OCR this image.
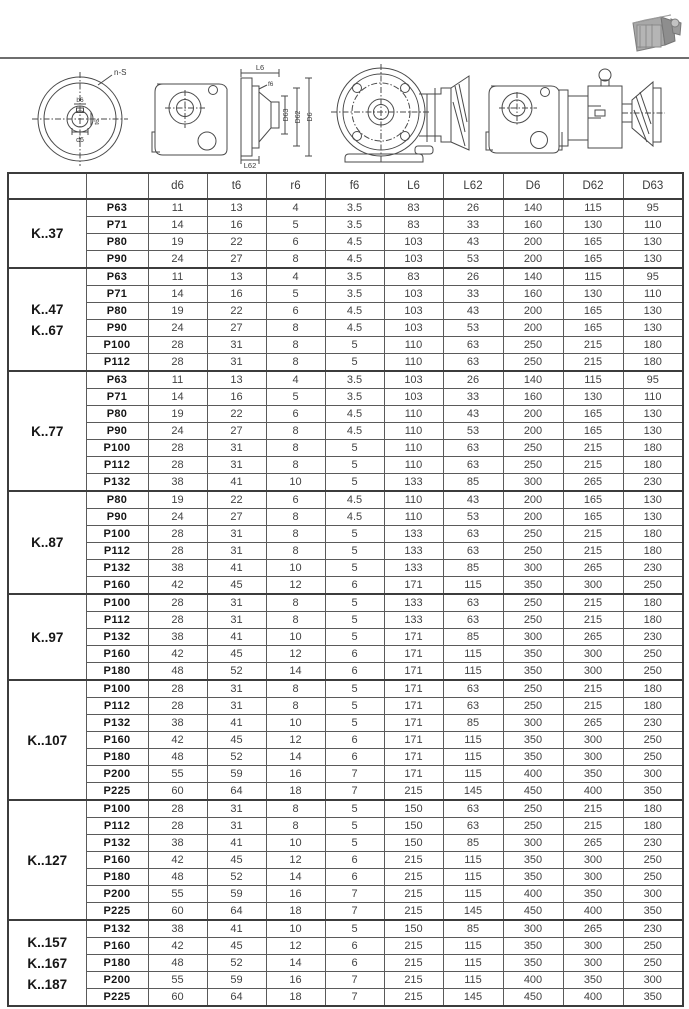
n-S
b6
t6
d6
L6
f6
D63 D62 D6
L62
		d6	t6	r6	f6	L6	L62	D6	D62	D63

K..37	P63	11	13	4	3.5	83	26	140	115	95
	P71	14	16	5	3.5	83	33	160	130	110
	P80	19	22	6	4.5	103	43	200	165	130
	P90	24	27	8	4.5	103	53	200	165	130

K..47
K..67	P63	11	13	4	3.5	83	26	140	115	95
	P71	14	16	5	3.5	103	33	160	130	110
	P80	19	22	6	4.5	103	43	200	165	130
	P90	24	27	8	4.5	103	53	200	165	130
	P100	28	31	8	5	110	63	250	215	180
	P112	28	31	8	5	110	63	250	215	180

K..77	P63	11	13	4	3.5	103	26	140	115	95
	P71	14	16	5	3.5	103	33	160	130	110
	P80	19	22	6	4.5	110	43	200	165	130
	P90	24	27	8	4.5	110	53	200	165	130
	P100	28	31	8	5	110	63	250	215	180
	P112	28	31	8	5	110	63	250	215	180
	P132	38	41	10	5	133	85	300	265	230

K..87	P80	19	22	6	4.5	110	43	200	165	130
	P90	24	27	8	4.5	110	53	200	165	130
	P100	28	31	8	5	133	63	250	215	180
	P112	28	31	8	5	133	63	250	215	180
	P132	38	41	10	5	133	85	300	265	230
	P160	42	45	12	6	171	115	350	300	250

K..97	P100	28	31	8	5	133	63	250	215	180
	P112	28	31	8	5	133	63	250	215	180
	P132	38	41	10	5	171	85	300	265	230
	P160	42	45	12	6	171	115	350	300	250
	P180	48	52	14	6	171	115	350	300	250

K..107	P100	28	31	8	5	171	63	250	215	180
	P112	28	31	8	5	171	63	250	215	180
	P132	38	41	10	5	171	85	300	265	230
	P160	42	45	12	6	171	115	350	300	250
	P180	48	52	14	6	171	115	350	300	250
	P200	55	59	16	7	171	115	400	350	300
	P225	60	64	18	7	215	145	450	400	350

K..127	P100	28	31	8	5	150	63	250	215	180
	P112	28	31	8	5	150	63	250	215	180
	P132	38	41	10	5	150	85	300	265	230
	P160	42	45	12	6	215	115	350	300	250
	P180	48	52	14	6	215	115	350	300	250
	P200	55	59	16	7	215	115	400	350	300
	P225	60	64	18	7	215	145	450	400	350

K..157
K..167
K..187	P132	38	41	10	5	150	85	300	265	230
	P160	42	45	12	6	215	115	350	300	250
	P180	48	52	14	6	215	115	350	300	250
	P200	55	59	16	7	215	115	400	350	300
	P225	60	64	18	7	215	145	450	400	350
